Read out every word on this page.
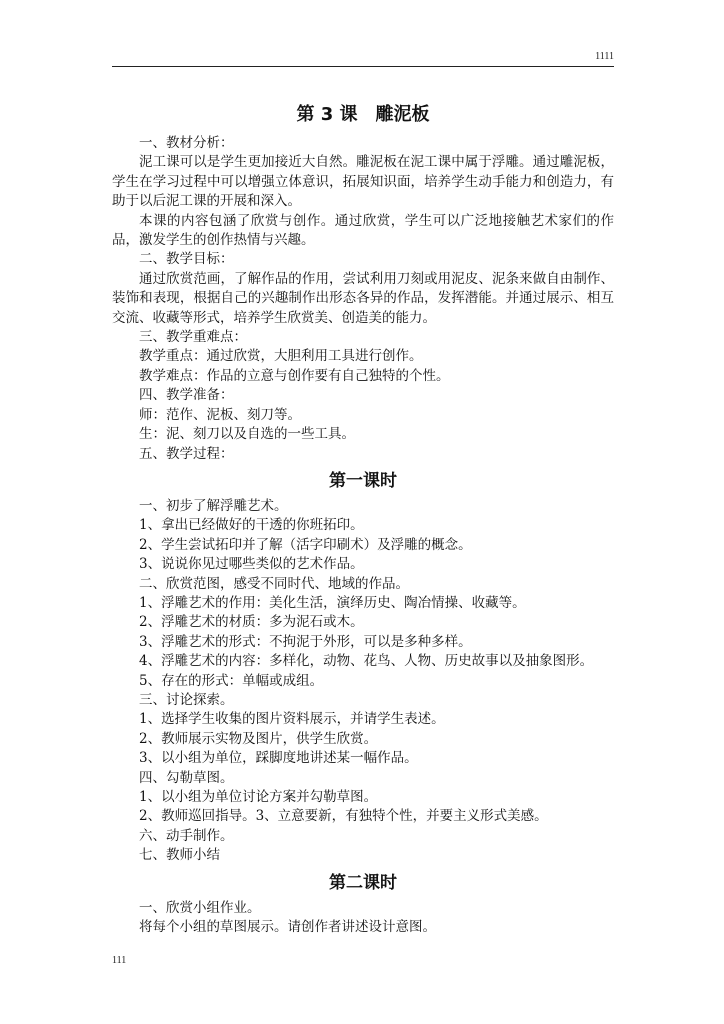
1111
第 3 课 雕泥板

一、教材分析：

泥工课可以是学生更加接近大自然。雕泥板在泥工课中属于浮雕。通过雕泥板，学生在学习过程中可以增强立体意识，拓展知识面，培养学生动手能力和创造力，有助于以后泥工课的开展和深入。

本课的内容包涵了欣赏与创作。通过欣赏，学生可以广泛地接触艺术家们的作品，激发学生的创作热情与兴趣。

二、教学目标：

通过欣赏范画，了解作品的作用，尝试利用刀刻或用泥皮、泥条来做自由制作、装饰和表现，根据自己的兴趣制作出形态各异的作品，发挥潜能。并通过展示、相互交流、收藏等形式，培养学生欣赏美、创造美的能力。

三、教学重难点：

教学重点：通过欣赏，大胆利用工具进行创作。

教学难点：作品的立意与创作要有自己独特的个性。

四、教学准备：

师：范作、泥板、刻刀等。

生：泥、刻刀以及自选的一些工具。

五、教学过程：

第一课时

一、初步了解浮雕艺术。

1、拿出已经做好的干透的你班拓印。

2、学生尝试拓印并了解（活字印刷术）及浮雕的概念。

3、说说你见过哪些类似的艺术作品。

二、欣赏范图，感受不同时代、地域的作品。

1、浮雕艺术的作用：美化生活，演绎历史、陶冶情操、收藏等。

2、浮雕艺术的材质：多为泥石或木。

3、浮雕艺术的形式：不拘泥于外形，可以是多种多样。

4、浮雕艺术的内容：多样化，动物、花鸟、人物、历史故事以及抽象图形。

5、存在的形式：单幅或成组。

三、讨论探索。

1、选择学生收集的图片资料展示，并请学生表述。

2、教师展示实物及图片，供学生欣赏。

3、以小组为单位，踩脚度地讲述某一幅作品。

四、勾勒草图。

1、以小组为单位讨论方案并勾勒草图。

2、教师巡回指导。3、立意要新，有独特个性，并要主义形式美感。

六、动手制作。

七、教师小结

第二课时

一、欣赏小组作业。

将每个小组的草图展示。请创作者讲述设计意图。

111
